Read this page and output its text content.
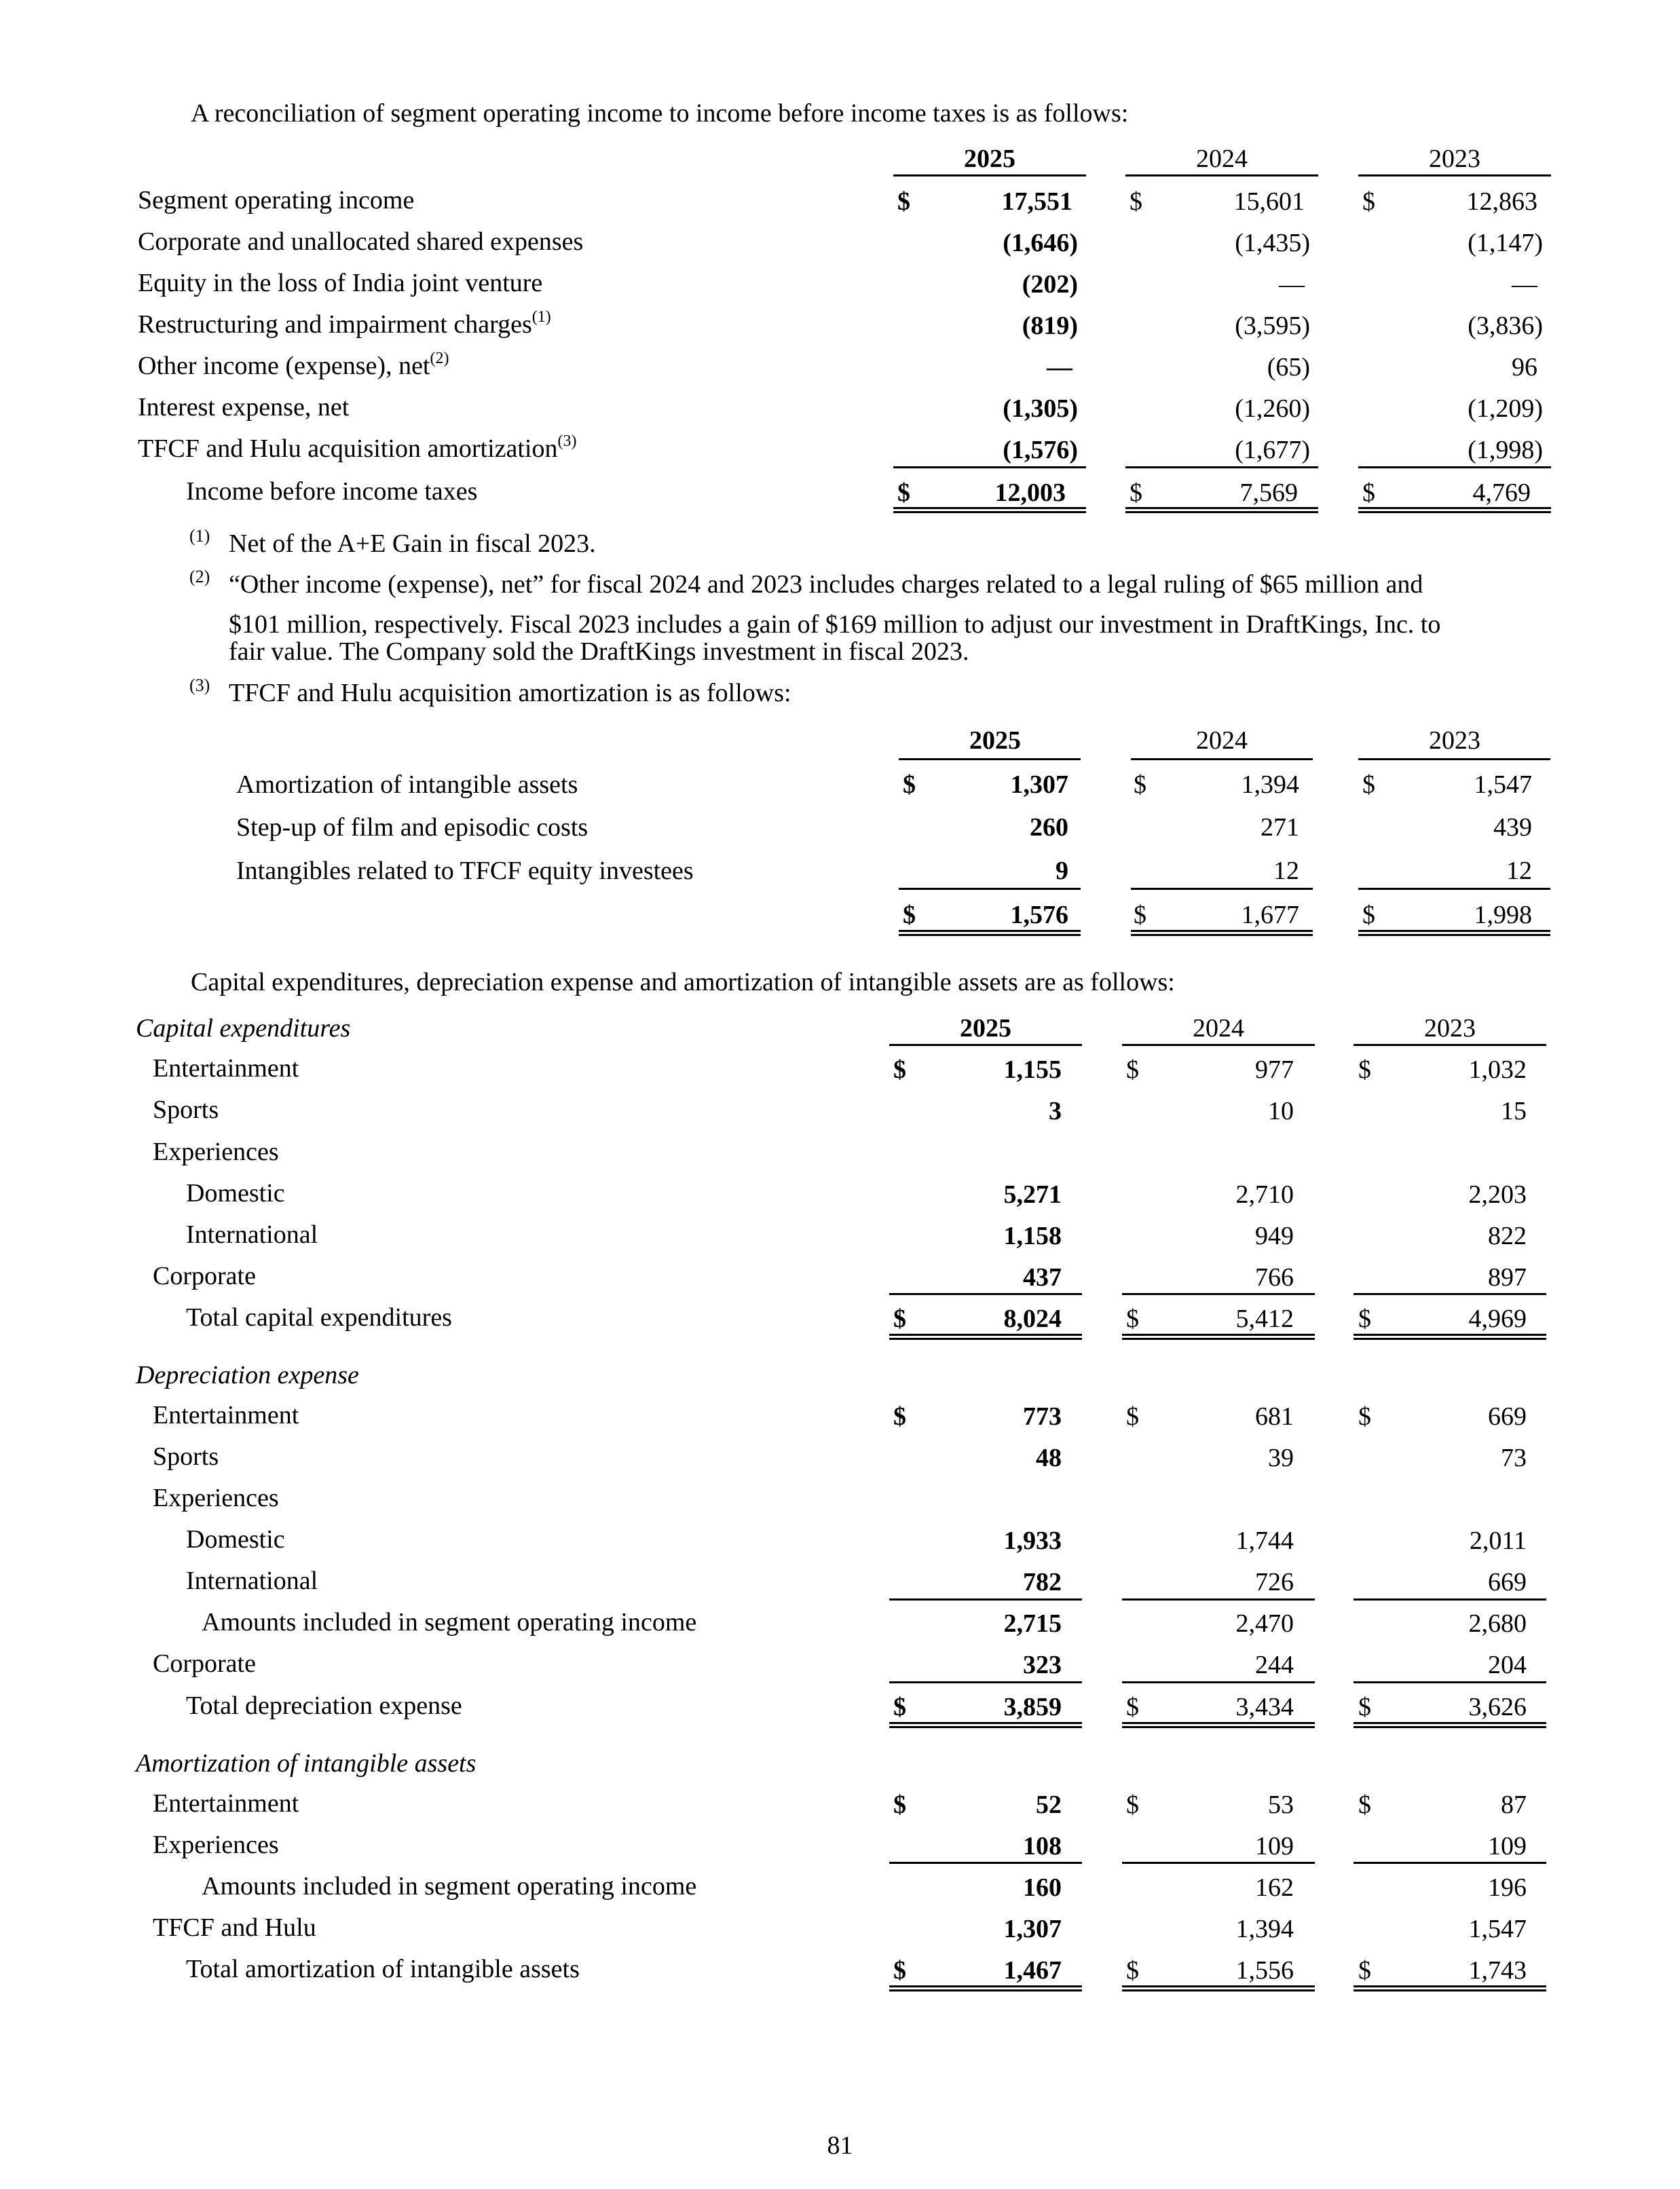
A reconciliation of segment operating income to income before income taxes is as follows:
2025	2024	2023
Segment operating income	$	17,551 $	15,601 $	12,863
Corporate and unallocated shared expenses	(1,646)	(1,435)	(1,147)
Equity in the loss of India joint venture	(202)	—	—
Restructuring and impairment charges$^{(1)}$	(819)	(3,595)	(3,836)
Other income (expense), net$^{(2)}$	—	(65)	96
Interest expense, net	(1,305)	(1,260)	(1,209)
TFCF and Hulu acquisition amortization$^{(3)}$	(1,576)	(1,677)	(1,998)
Income before income taxes	$	12,003 $	7,569	$	4,769
(1) Net of the A+E Gain in fiscal 2023.
(2) “Other income (expense), net” for fiscal 2024 and 2023 includes charges related to a legal ruling of $65 million and
$101 million, respectively. Fiscal 2023 includes a gain of $169 million to adjust our investment in DraftKings, Inc. to
fair value. The Company sold the DraftKings investment in fiscal 2023.
(3) TFCF and Hulu acquisition amortization is as follows:
2025	2024	2023
Amortization of intangible assets	$	1,307	$	1,394 $	1,547
Step-up of film and episodic costs	260	271	439
Intangibles related to TFCF equity investees	9	12	12
$	1,576	$	1,677 $	1,998
Capital expenditures, depreciation expense and amortization of intangible assets are as follows:
Capital expenditures	2025	2024	2023
Entertainment	$	1,155	$	977	$	1,032
Sports	3	10	15
Experiences
Domestic	5,271	2,710	2,203
International	1,158	949	822
Corporate	437	766	897
Total capital expenditures	$	8,024	$	5,412	$	4,969
Depreciation expense
Entertainment	$	773	$	681	$	669
Sports	48	39	73
Experiences
Domestic	1,933	1,744	2,011
International	782	726	669
Amounts included in segment operating income	2,715	2,470	2,680
Corporate	323	244	204
Total depreciation expense	$	3,859	$	3,434	$	3,626
Amortization of intangible assets
Entertainment	$	52	$	53	$	87
Experiences	108	109	109
Amounts included in segment operating income	160	162	196
TFCF and Hulu	1,307	1,394	1,547
Total amortization of intangible assets	$	1,467	$	1,556	$	1,743
81
